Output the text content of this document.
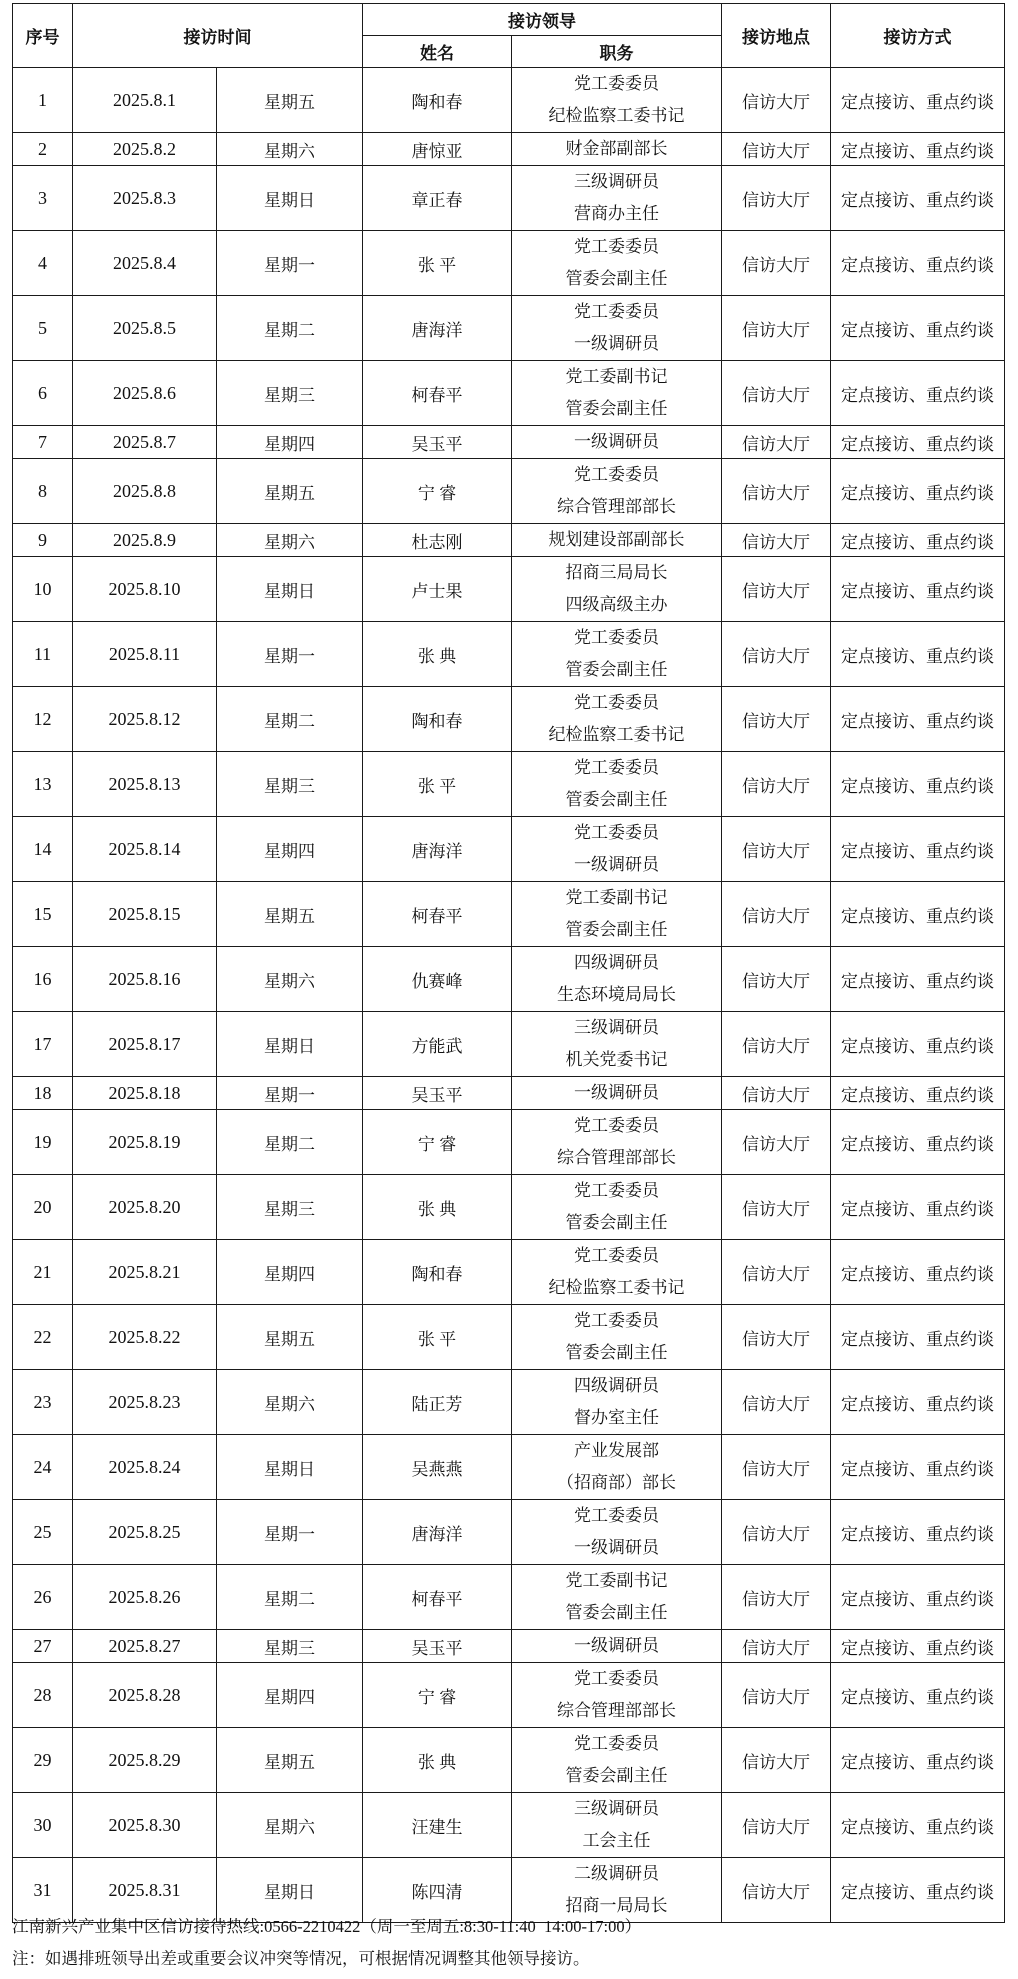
序号	接访时间		接访领导		接访地点	接访方式
			姓名	职务		
1	2025.8.1	星期五	陶和春	党工委委员
纪检监察工委书记	信访大厅	定点接访、重点约谈
2	2025.8.2	星期六	唐惊亚	财金部副部长	信访大厅	定点接访、重点约谈
3	2025.8.3	星期日	章正春	三级调研员
营商办主任	信访大厅	定点接访、重点约谈
4	2025.8.4	星期一	张 平	党工委委员
管委会副主任	信访大厅	定点接访、重点约谈
5	2025.8.5	星期二	唐海洋	党工委委员
一级调研员	信访大厅	定点接访、重点约谈
6	2025.8.6	星期三	柯春平	党工委副书记
管委会副主任	信访大厅	定点接访、重点约谈
7	2025.8.7	星期四	吴玉平	一级调研员	信访大厅	定点接访、重点约谈
8	2025.8.8	星期五	宁 睿	党工委委员
综合管理部部长	信访大厅	定点接访、重点约谈
9	2025.8.9	星期六	杜志刚	规划建设部副部长	信访大厅	定点接访、重点约谈
10	2025.8.10	星期日	卢士果	招商三局局长
四级高级主办	信访大厅	定点接访、重点约谈
11	2025.8.11	星期一	张 典	党工委委员
管委会副主任	信访大厅	定点接访、重点约谈
12	2025.8.12	星期二	陶和春	党工委委员
纪检监察工委书记	信访大厅	定点接访、重点约谈
13	2025.8.13	星期三	张 平	党工委委员
管委会副主任	信访大厅	定点接访、重点约谈
14	2025.8.14	星期四	唐海洋	党工委委员
一级调研员	信访大厅	定点接访、重点约谈
15	2025.8.15	星期五	柯春平	党工委副书记
管委会副主任	信访大厅	定点接访、重点约谈
16	2025.8.16	星期六	仇赛峰	四级调研员
生态环境局局长	信访大厅	定点接访、重点约谈
17	2025.8.17	星期日	方能武	三级调研员
机关党委书记	信访大厅	定点接访、重点约谈
18	2025.8.18	星期一	吴玉平	一级调研员	信访大厅	定点接访、重点约谈
19	2025.8.19	星期二	宁 睿	党工委委员
综合管理部部长	信访大厅	定点接访、重点约谈
20	2025.8.20	星期三	张 典	党工委委员
管委会副主任	信访大厅	定点接访、重点约谈
21	2025.8.21	星期四	陶和春	党工委委员
纪检监察工委书记	信访大厅	定点接访、重点约谈
22	2025.8.22	星期五	张 平	党工委委员
管委会副主任	信访大厅	定点接访、重点约谈
23	2025.8.23	星期六	陆正芳	四级调研员
督办室主任	信访大厅	定点接访、重点约谈
24	2025.8.24	星期日	吴燕燕	产业发展部
（招商部）部长	信访大厅	定点接访、重点约谈
25	2025.8.25	星期一	唐海洋	党工委委员
一级调研员	信访大厅	定点接访、重点约谈
26	2025.8.26	星期二	柯春平	党工委副书记
管委会副主任	信访大厅	定点接访、重点约谈
27	2025.8.27	星期三	吴玉平	一级调研员	信访大厅	定点接访、重点约谈
28	2025.8.28	星期四	宁 睿	党工委委员
综合管理部部长	信访大厅	定点接访、重点约谈
29	2025.8.29	星期五	张 典	党工委委员
管委会副主任	信访大厅	定点接访、重点约谈
30	2025.8.30	星期六	汪建生	三级调研员
工会主任	信访大厅	定点接访、重点约谈
31	2025.8.31	星期日	陈四清	二级调研员
招商一局局长	信访大厅	定点接访、重点约谈
江南新兴产业集中区信访接待热线:0566-2210422（周一至周五:8:30-11:40  14:00-17:00）
注：如遇排班领导出差或重要会议冲突等情况，可根据情况调整其他领导接访。
